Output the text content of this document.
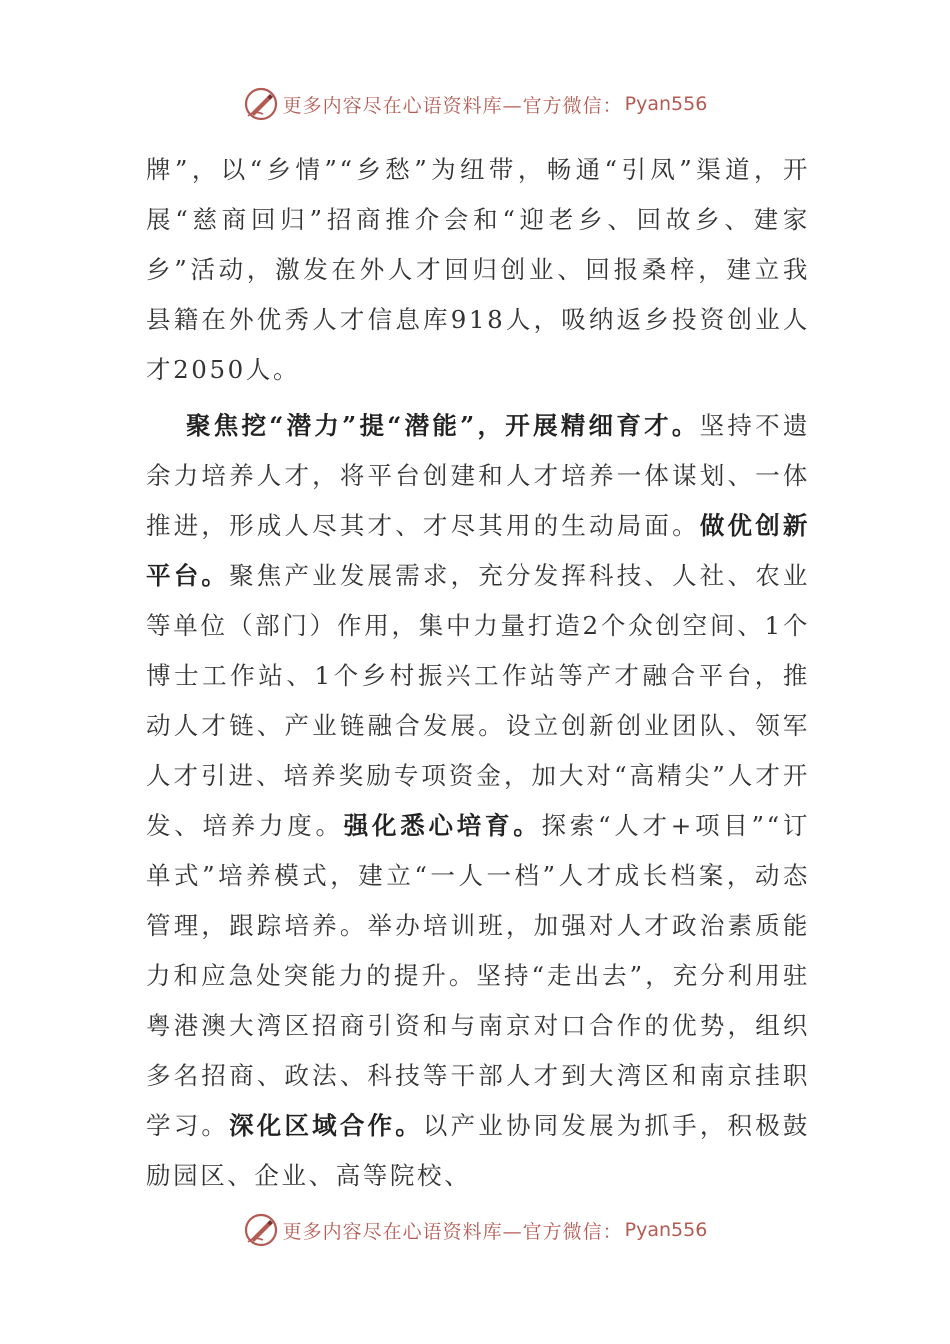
更多内容尽在心语资料库—官方微信： Pyan556

牌”，以“乡情”“乡愁”为纽带，畅通“引凤”渠道，开展“慈商回归”招商推介会和“迎老乡、回故乡、建家乡”活动，激发在外人才回归创业、回报桑梓，建立我县籍在外优秀人才信息库918人，吸纳返乡投资创业人才2050人。

聚焦挖“潜力”提“潜能”，开展精细育才。坚持不遗余力培养人才，将平台创建和人才培养一体谋划、一体推进，形成人尽其才、才尽其用的生动局面。做优创新平台。聚焦产业发展需求，充分发挥科技、人社、农业等单位（部门）作用，集中力量打造2个众创空间、1个博士工作站、1个乡村振兴工作站等产才融合平台，推动人才链、产业链融合发展。设立创新创业团队、领军人才引进、培养奖励专项资金，加大对“高精尖”人才开发、培养力度。强化悉心培育。探索“人才+项目”“订单式”培养模式，建立“一人一档”人才成长档案，动态管理，跟踪培养。举办培训班，加强对人才政治素质能力和应急处突能力的提升。坚持“走出去”，充分利用驻粤港澳大湾区招商引资和与南京对口合作的优势，组织多名招商、政法、科技等干部人才到大湾区和南京挂职学习。深化区域合作。以产业协同发展为抓手，积极鼓励园区、企业、高等院校、

更多内容尽在心语资料库—官方微信： Pyan556
